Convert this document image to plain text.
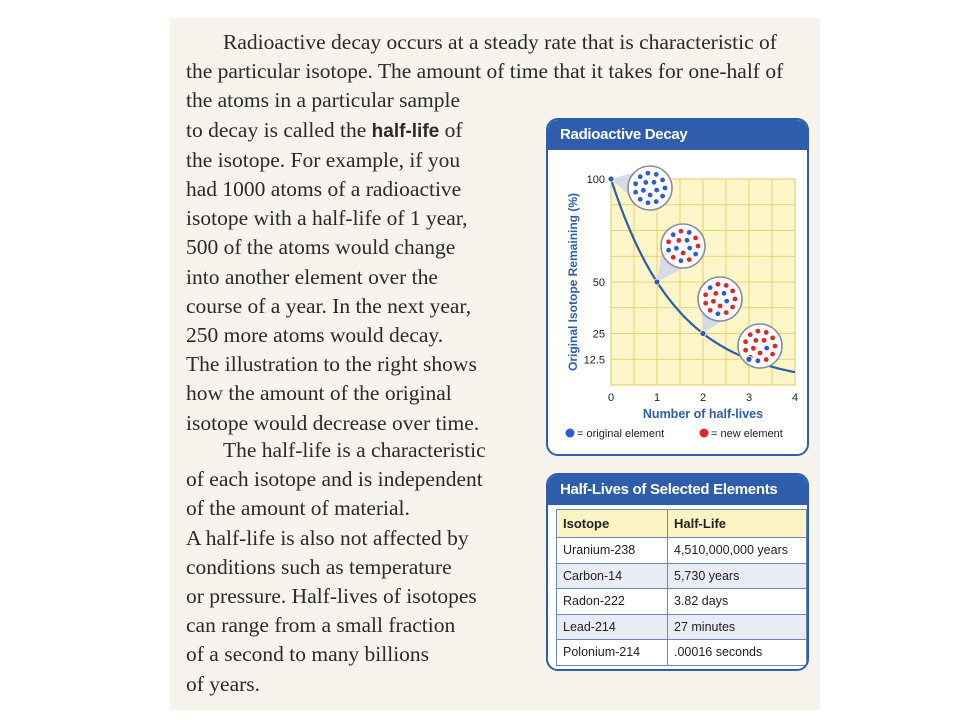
Radioactive decay occurs at a steady rate that is characteristic of
the particular isotope. The amount of time that it takes for one-half of
the atoms in a particular sample
to decay is called the half-life of
the isotope. For example, if you
had 1000 atoms of a radioactive
isotope with a half-life of 1 year,
500 of the atoms would change
into another element over the
course of a year. In the next year,
250 more atoms would decay.
The illustration to the right shows
how the amount of the original
isotope would decrease over time.
The half-life is a characteristic
of each isotope and is independent
of the amount of material.
A half-life is also not affected by
conditions such as temperature
or pressure. Half-lives of isotopes
can range from a small fraction
of a second to many billions
of years.
Radioactive Decay
100
50
25
12.5
0	1	2	3	4
Number of half-lives
Original Isotope Remaining (%)
= original element	= new element
Half-Lives of Selected Elements
Isotope	Half-Life
Uranium-238	4,510,000,000 years
Carbon-14	5,730 years
Radon-222	3.82 days
Lead-214	27 minutes
Polonium-214	.00016 seconds
